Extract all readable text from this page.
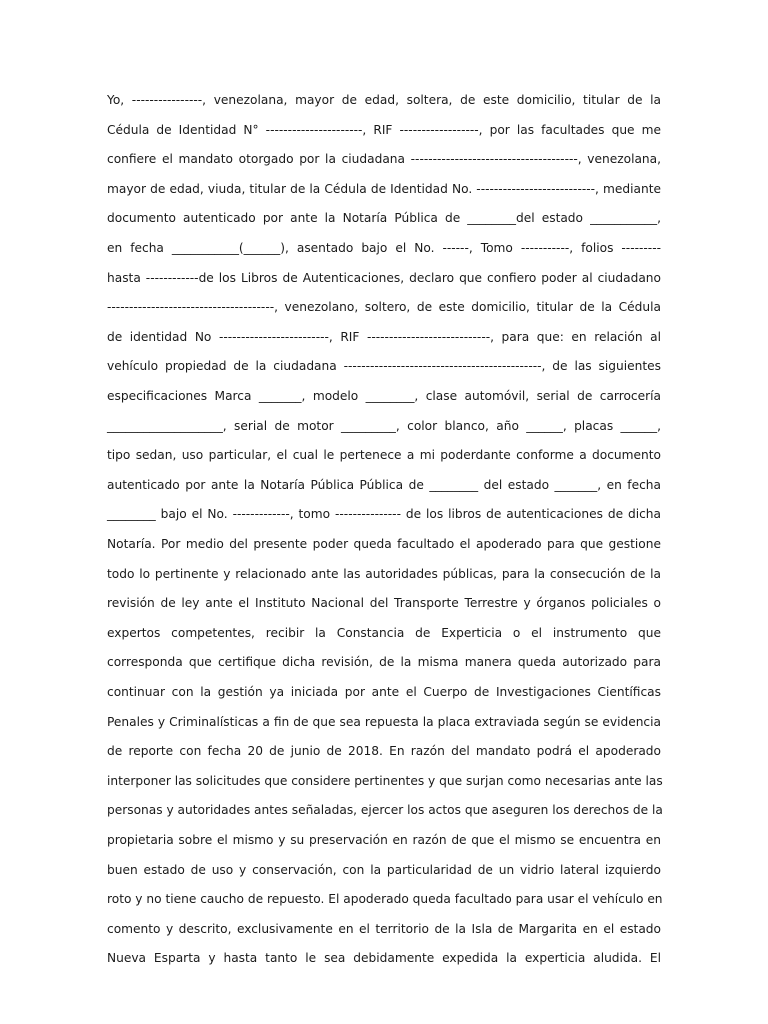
Yo, ----------------, venezolana, mayor de edad, soltera, de este domicilio, titular de la
Cédula de Identidad N° ----------------------, RIF ------------------, por las facultades que me
confiere el mandato otorgado por la ciudadana --------------------------------------, venezolana,
mayor de edad, viuda, titular de la Cédula de Identidad No. ---------------------------, mediante
documento autenticado por ante la Notaría Pública de ________del estado ___________,
en fecha ___________(______), asentado bajo el No. ------, Tomo -----------, folios ---------
hasta ------------de los Libros de Autenticaciones, declaro que confiero poder al ciudadano
--------------------------------------, venezolano, soltero, de este domicilio, titular de la Cédula
de identidad No -------------------------, RIF ----------------------------, para que: en relación al
vehículo propiedad de la ciudadana ---------------------------------------------, de las siguientes
especificaciones Marca _______, modelo ________, clase automóvil, serial de carrocería
___________________, serial de motor _________, color blanco, año ______, placas ______,
tipo sedan, uso particular, el cual le pertenece a mi poderdante conforme a documento
autenticado por ante la Notaría Pública Pública de ________ del estado _______, en fecha
________ bajo el No. -------------, tomo --------------- de los libros de autenticaciones de dicha
Notaría. Por medio del presente poder queda facultado el apoderado para que gestione
todo lo pertinente y relacionado ante las autoridades públicas, para la consecución de la
revisión de ley ante el Instituto Nacional del Transporte Terrestre y órganos policiales o
expertos competentes, recibir la Constancia de Experticia o el instrumento que
corresponda que certifique dicha revisión, de la misma manera queda autorizado para
continuar con la gestión ya iniciada por ante el Cuerpo de Investigaciones Científicas
Penales y Criminalísticas a fin de que sea repuesta la placa extraviada según se evidencia
de reporte con fecha 20 de junio de 2018. En razón del mandato podrá el apoderado
interponer las solicitudes que considere pertinentes y que surjan como necesarias ante las
personas y autoridades antes señaladas, ejercer los actos que aseguren los derechos de la
propietaria sobre el mismo y su preservación en razón de que el mismo se encuentra en
buen estado de uso y conservación, con la particularidad de un vidrio lateral izquierdo
roto y no tiene caucho de repuesto. El apoderado queda facultado para usar el vehículo en
comento y descrito, exclusivamente en el territorio de la Isla de Margarita en el estado
Nueva Esparta y hasta tanto le sea debidamente expedida la experticia aludida. El
